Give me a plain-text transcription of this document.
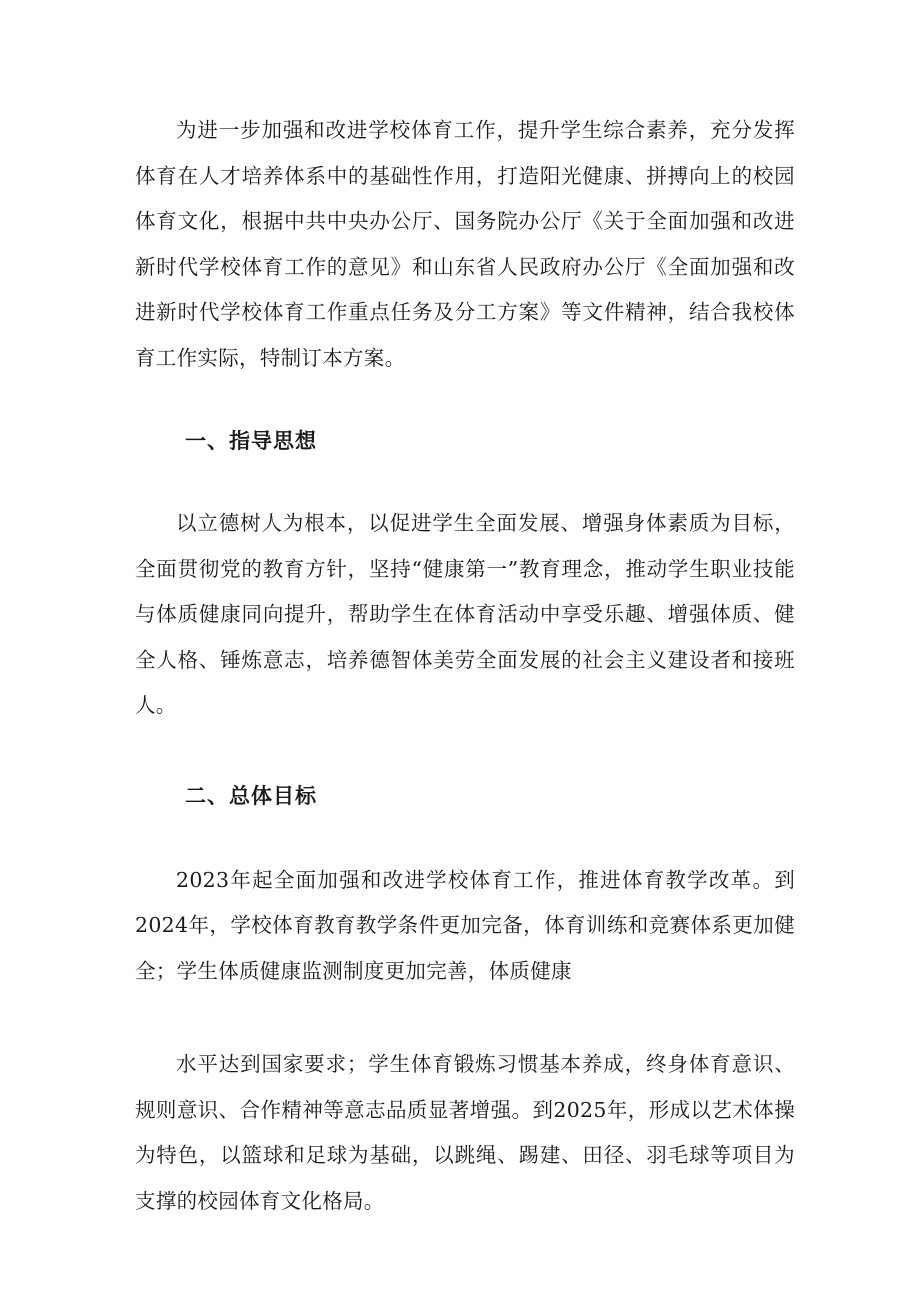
为进一步加强和改进学校体育工作，提升学生综合素养，充分发挥体育在人才培养体系中的基础性作用，打造阳光健康、拼搏向上的校园体育文化，根据中共中央办公厅、国务院办公厅《关于全面加强和改进新时代学校体育工作的意见》和山东省人民政府办公厅《全面加强和改进新时代学校体育工作重点任务及分工方案》等文件精神，结合我校体育工作实际，特制订本方案。

一、指导思想

以立德树人为根本，以促进学生全面发展、增强身体素质为目标，全面贯彻党的教育方针，坚持“健康第一”教育理念，推动学生职业技能与体质健康同向提升，帮助学生在体育活动中享受乐趣、增强体质、健全人格、锤炼意志，培养德智体美劳全面发展的社会主义建设者和接班人。

二、总体目标

2023年起全面加强和改进学校体育工作，推进体育教学改革。到2024年，学校体育教育教学条件更加完备，体育训练和竞赛体系更加健全；学生体质健康监测制度更加完善，体质健康

水平达到国家要求；学生体育锻炼习惯基本养成，终身体育意识、规则意识、合作精神等意志品质显著增强。到2025年，形成以艺术体操为特色，以篮球和足球为基础，以跳绳、踢建、田径、羽毛球等项目为支撑的校园体育文化格局。
